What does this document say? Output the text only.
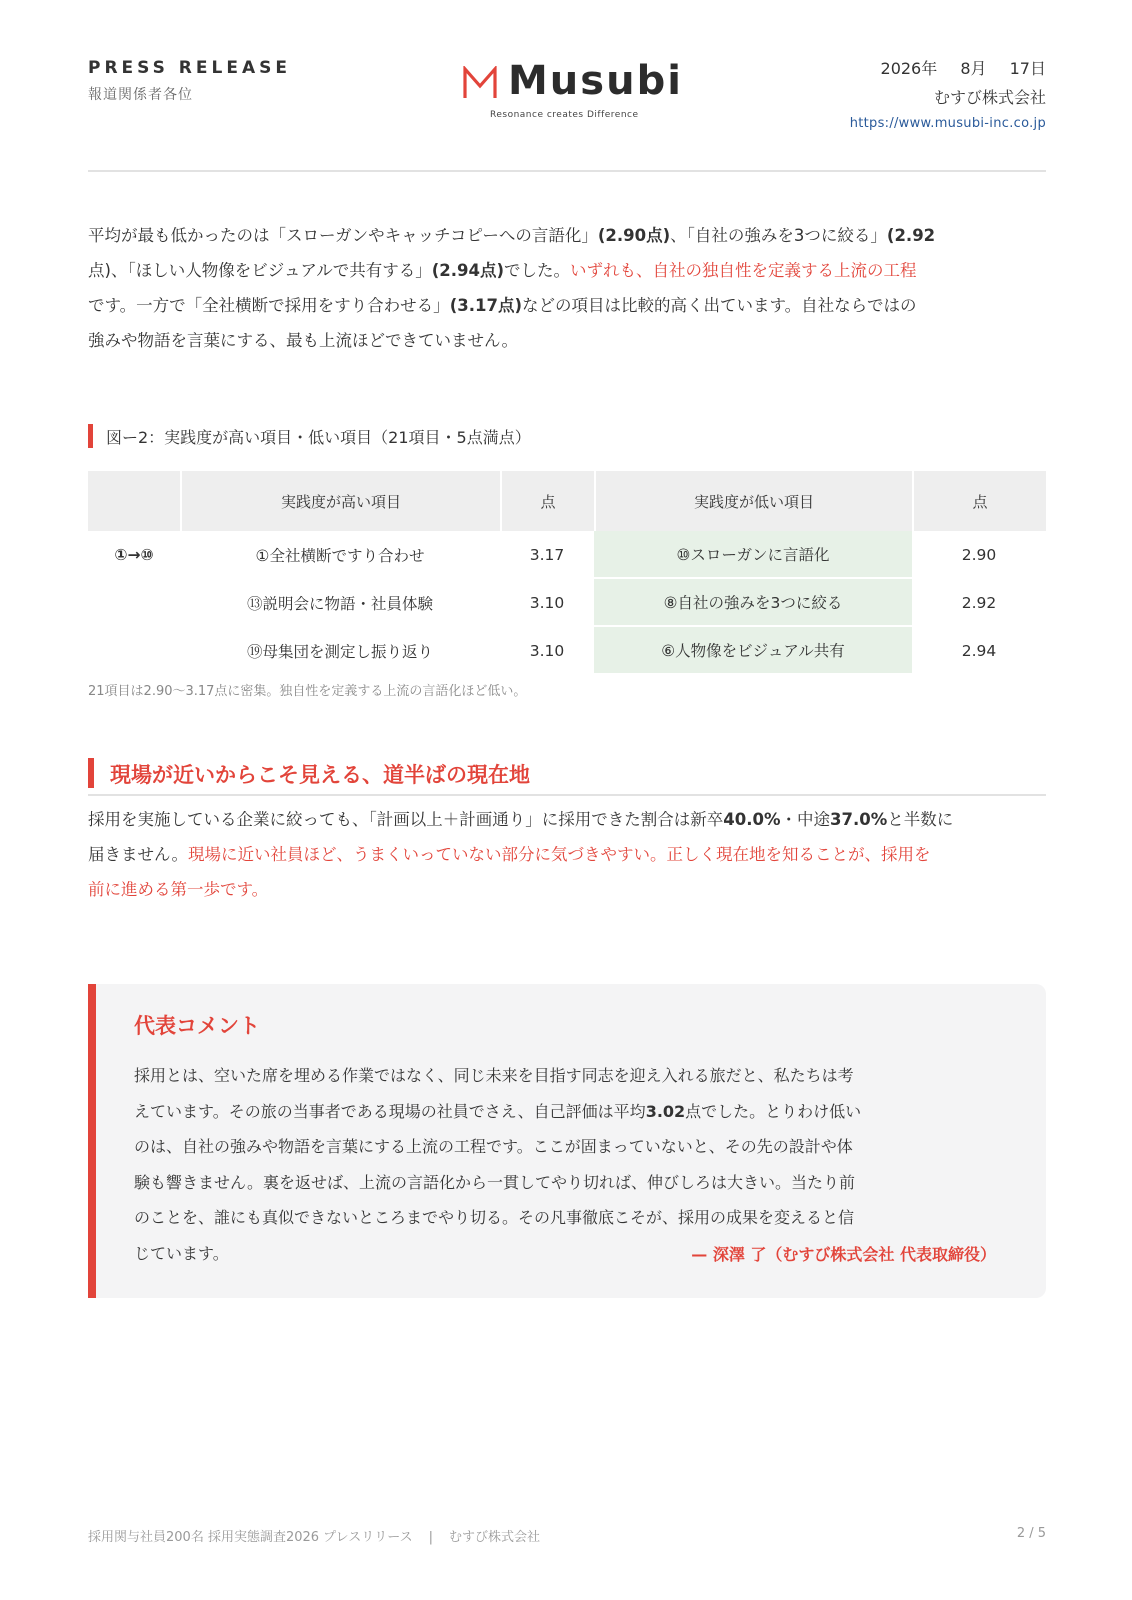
PRESS RELEASE
報道関係者各位	Musubi
Resonance creates Difference
2026年 8月 17日
むすび株式会社
https://www.musubi-inc.co.jp

平均が最も低かったのは「スローガンやキャッチコピーへの言語化」(2.90点)、「自社の強みを3つに絞る」(2.92

点)、「ほしい人物像をビジュアルで共有する」(2.94点)でした。いずれも、自社の独自性を定義する上流の工程

です。一方で「全社横断で採用をすり合わせる」(3.17点)などの項目は比較的高く出ています。自社ならではの

強みや物語を言葉にする、最も上流ほどできていません。

図ー2：実践度が高い項目・低い項目（21項目・5点満点）
	実践度が高い項目	点	実践度が低い項目	点
①→⑩	①全社横断ですり合わせ	3.17	⑩スローガンに言語化	2.90
	⑬説明会に物語・社員体験	3.10	⑧自社の強みを3つに絞る	2.92
	⑲母集団を測定し振り返り	3.10	⑥人物像をビジュアル共有	2.94
21項目は2.90〜3.17点に密集。独自性を定義する上流の言語化ほど低い。
現場が近いからこそ見える、道半ばの現在地

採用を実施している企業に絞っても、「計画以上＋計画通り」に採用できた割合は新卒40.0%・中途37.0%と半数に

届きません。現場に近い社員ほど、うまくいっていない部分に気づきやすい。正しく現在地を知ることが、採用を

前に進める第一歩です。

代表コメント
採用とは、空いた席を埋める作業ではなく、同じ未来を目指す同志を迎え入れる旅だと、私たちは考
えています。その旅の当事者である現場の社員でさえ、自己評価は平均3.02点でした。とりわけ低い
のは、自社の強みや物語を言葉にする上流の工程です。ここが固まっていないと、その先の設計や体
験も響きません。裏を返せば、上流の言語化から一貫してやり切れば、伸びしろは大きい。当たり前
のことを、誰にも真似できないところまでやり切る。その凡事徹底こそが、採用の成果を変えると信
じています。	— 深澤 了（むすび株式会社 代表取締役）
採用関与社員200名 採用実態調査2026 プレスリリース | むすび株式会社	2 / 5
